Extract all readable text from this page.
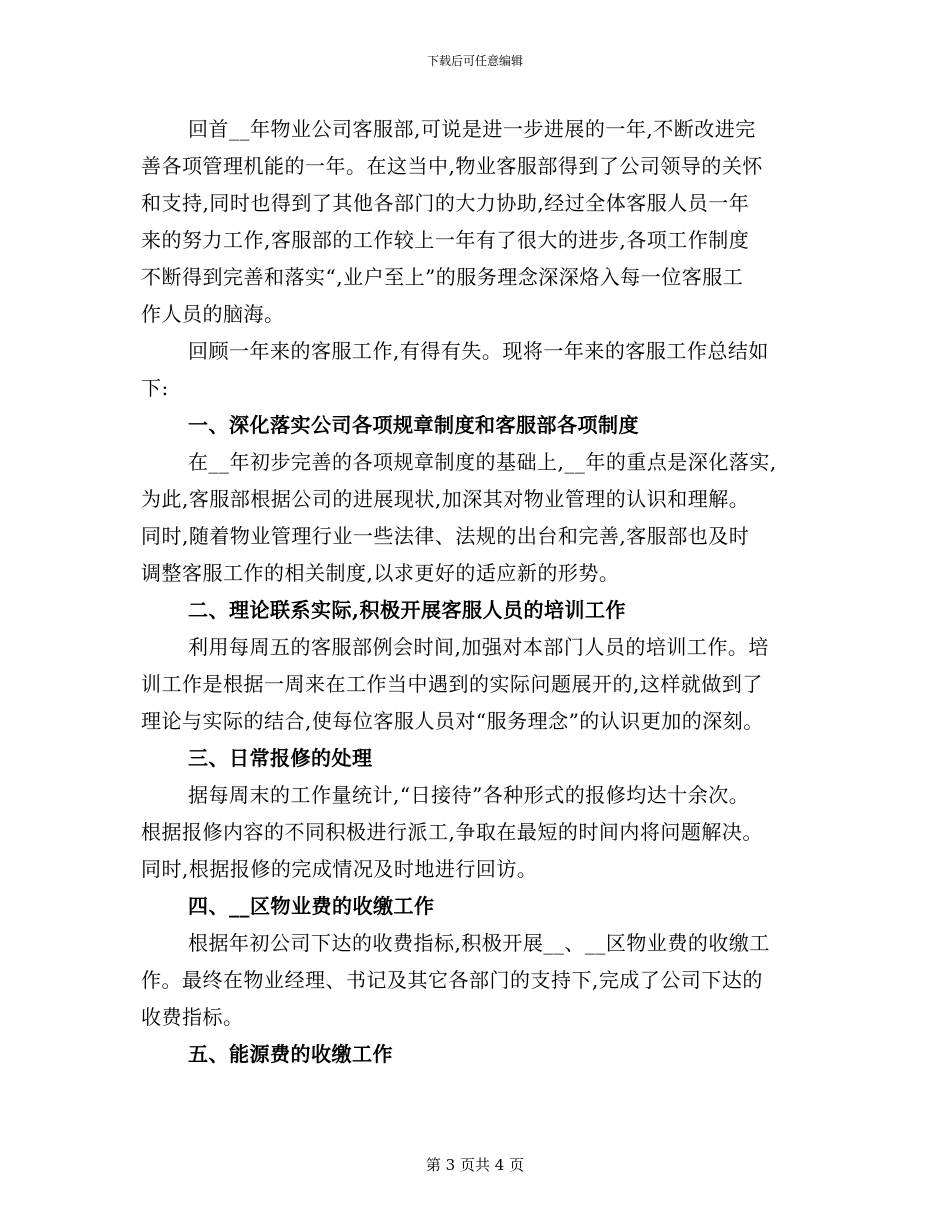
下载后可任意编辑
回首__年物业公司客服部,可说是进一步进展的一年,不断改进完
善各项管理机能的一年。在这当中,物业客服部得到了公司领导的关怀
和支持,同时也得到了其他各部门的大力协助,经过全体客服人员一年
来的努力工作,客服部的工作较上一年有了很大的进步,各项工作制度
不断得到完善和落实“,业户至上”的服务理念深深烙入每一位客服工
作人员的脑海。
回顾一年来的客服工作,有得有失。现将一年来的客服工作总结如
下:
一、深化落实公司各项规章制度和客服部各项制度
在__年初步完善的各项规章制度的基础上,__年的重点是深化落实,
为此,客服部根据公司的进展现状,加深其对物业管理的认识和理解。
同时,随着物业管理行业一些法律、法规的出台和完善,客服部也及时
调整客服工作的相关制度,以求更好的适应新的形势。
二、理论联系实际,积极开展客服人员的培训工作
利用每周五的客服部例会时间,加强对本部门人员的培训工作。培
训工作是根据一周来在工作当中遇到的实际问题展开的,这样就做到了
理论与实际的结合,使每位客服人员对“服务理念”的认识更加的深刻。
三、日常报修的处理
据每周末的工作量统计,“日接待”各种形式的报修均达十余次。
根据报修内容的不同积极进行派工,争取在最短的时间内将问题解决。
同时,根据报修的完成情况及时地进行回访。
四、__区物业费的收缴工作
根据年初公司下达的收费指标,积极开展__、__区物业费的收缴工
作。最终在物业经理、书记及其它各部门的支持下,完成了公司下达的
收费指标。
五、能源费的收缴工作
第 3 页共 4 页
